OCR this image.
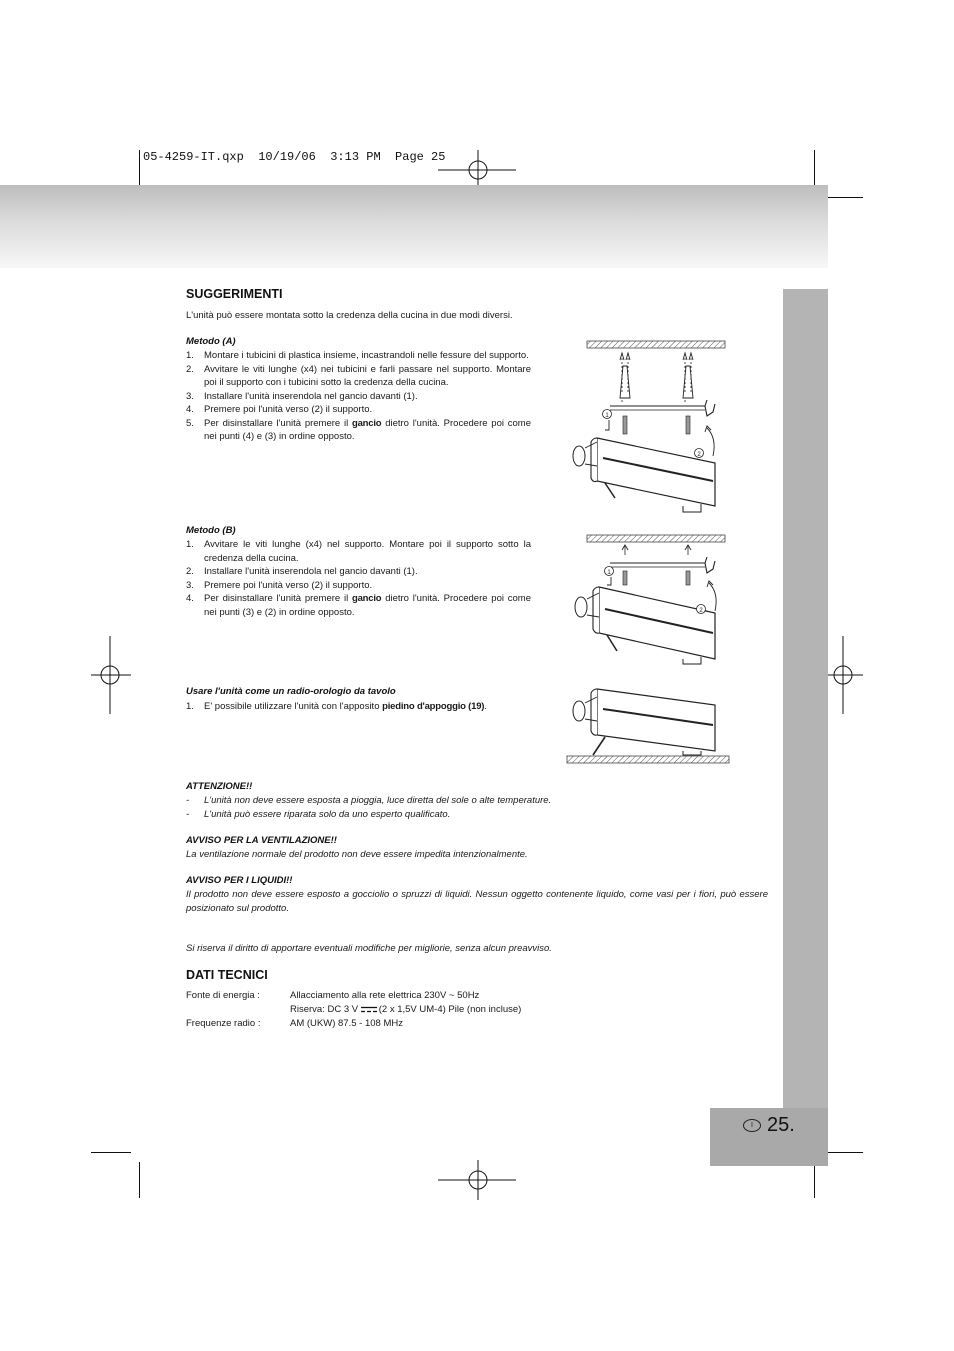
05-4259-IT.qxp  10/19/06  3:13 PM  Page 25
I 25.
SUGGERIMENTI
L'unità può essere montata sotto la credenza della cucina in due modi diversi.
Metodo (A)
1. Montare i tubicini di plastica insieme, incastrandoli nelle fessure del supporto.
2. Avvitare le viti lunghe (x4) nei tubicini e farli passare nel supporto. Montare poi il supporto con i tubicini sotto la credenza della cucina.
3. Installare l'unità inserendola nel gancio davanti (1).
4. Premere poi l'unità verso (2) il supporto.
5. Per disinstallare l'unità premere il gancio dietro l'unità. Procedere poi come nei punti (4) e (3) in ordine opposto.
Metodo (B)
1. Avvitare le viti lunghe (x4) nel supporto. Montare poi il supporto sotto la credenza della cucina.
2. Installare l'unità inserendola nel gancio davanti (1).
3. Premere poi l'unità verso (2) il supporto.
4. Per disinstallare l'unità premere il gancio dietro l'unità. Procedere poi come nei punti (3) e (2) in ordine opposto.
Usare l'unità come un radio-orologio da tavolo
1. E' possibile utilizzare l'unità con l'apposito piedino d'appoggio (19).
ATTENZIONE!!
- L'unità non deve essere esposta a pioggia, luce diretta del sole o alte temperature.
- L'unità può essere riparata solo da uno esperto qualificato.
AVVISO PER LA VENTILAZIONE!!
La ventilazione normale del prodotto non deve essere impedita intenzionalmente.
AVVISO PER I LIQUIDI!!
Il prodotto non deve essere esposto a gocciolio o spruzzi di liquidi. Nessun oggetto contenente liquido, come vasi per i fiori, può essere posizionato sul prodotto.
Si riserva il diritto di apportare eventuali modifiche per migliorie, senza alcun preavviso.
DATI TECNICI
Fonte di energia :	Allacciamento alla rete elettrica 230V ~ 50Hz
Riserva: DC 3 V (2 x 1,5V UM-4) Pile (non incluse)
Frequenze radio :	AM (UKW) 87.5 - 108 MHz
1
2
1
2
